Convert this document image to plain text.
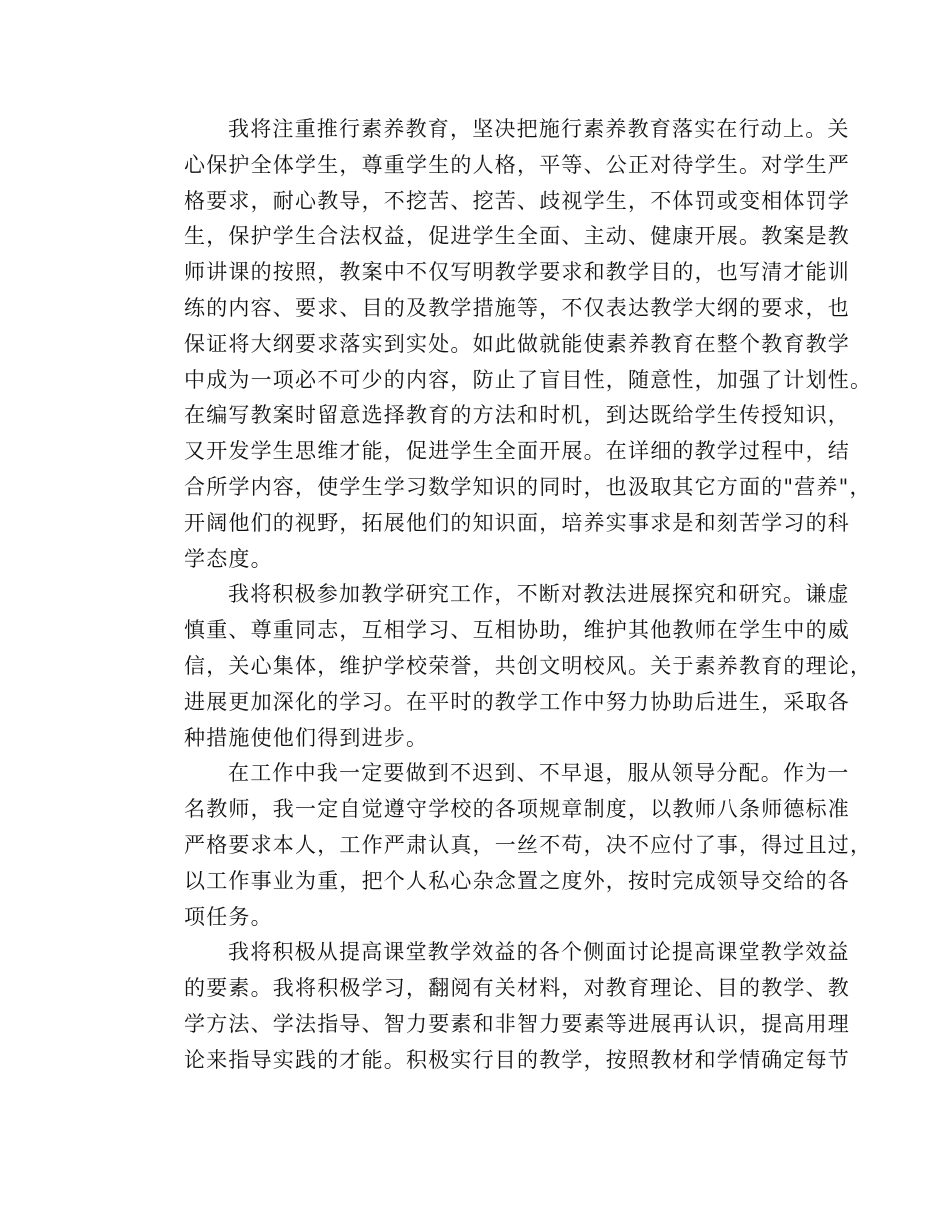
我将注重推行素养教育，坚决把施行素养教育落实在行动上。关
心保护全体学生，尊重学生的人格，平等、公正对待学生。对学生严
格要求，耐心教导，不挖苦、挖苦、歧视学生，不体罚或变相体罚学
生，保护学生合法权益，促进学生全面、主动、健康开展。教案是教
师讲课的按照，教案中不仅写明教学要求和教学目的，也写清才能训
练的内容、要求、目的及教学措施等，不仅表达教学大纲的要求，也
保证将大纲要求落实到实处。如此做就能使素养教育在整个教育教学
中成为一项必不可少的内容，防止了盲目性，随意性，加强了计划性。
在编写教案时留意选择教育的方法和时机，到达既给学生传授知识，
又开发学生思维才能，促进学生全面开展。在详细的教学过程中，结
合所学内容，使学生学习数学知识的同时，也汲取其它方面的"营养"，
开阔他们的视野，拓展他们的知识面，培养实事求是和刻苦学习的科
学态度。
我将积极参加教学研究工作，不断对教法进展探究和研究。谦虚
慎重、尊重同志，互相学习、互相协助，维护其他教师在学生中的威
信，关心集体，维护学校荣誉，共创文明校风。关于素养教育的理论，
进展更加深化的学习。在平时的教学工作中努力协助后进生，采取各
种措施使他们得到进步。
在工作中我一定要做到不迟到、不早退，服从领导分配。作为一
名教师，我一定自觉遵守学校的各项规章制度，以教师八条师德标准
严格要求本人，工作严肃认真，一丝不苟，决不应付了事，得过且过，
以工作事业为重，把个人私心杂念置之度外，按时完成领导交给的各
项任务。
我将积极从提高课堂教学效益的各个侧面讨论提高课堂教学效益
的要素。我将积极学习，翻阅有关材料，对教育理论、目的教学、教
学方法、学法指导、智力要素和非智力要素等进展再认识，提高用理
论来指导实践的才能。积极实行目的教学，按照教材和学情确定每节
